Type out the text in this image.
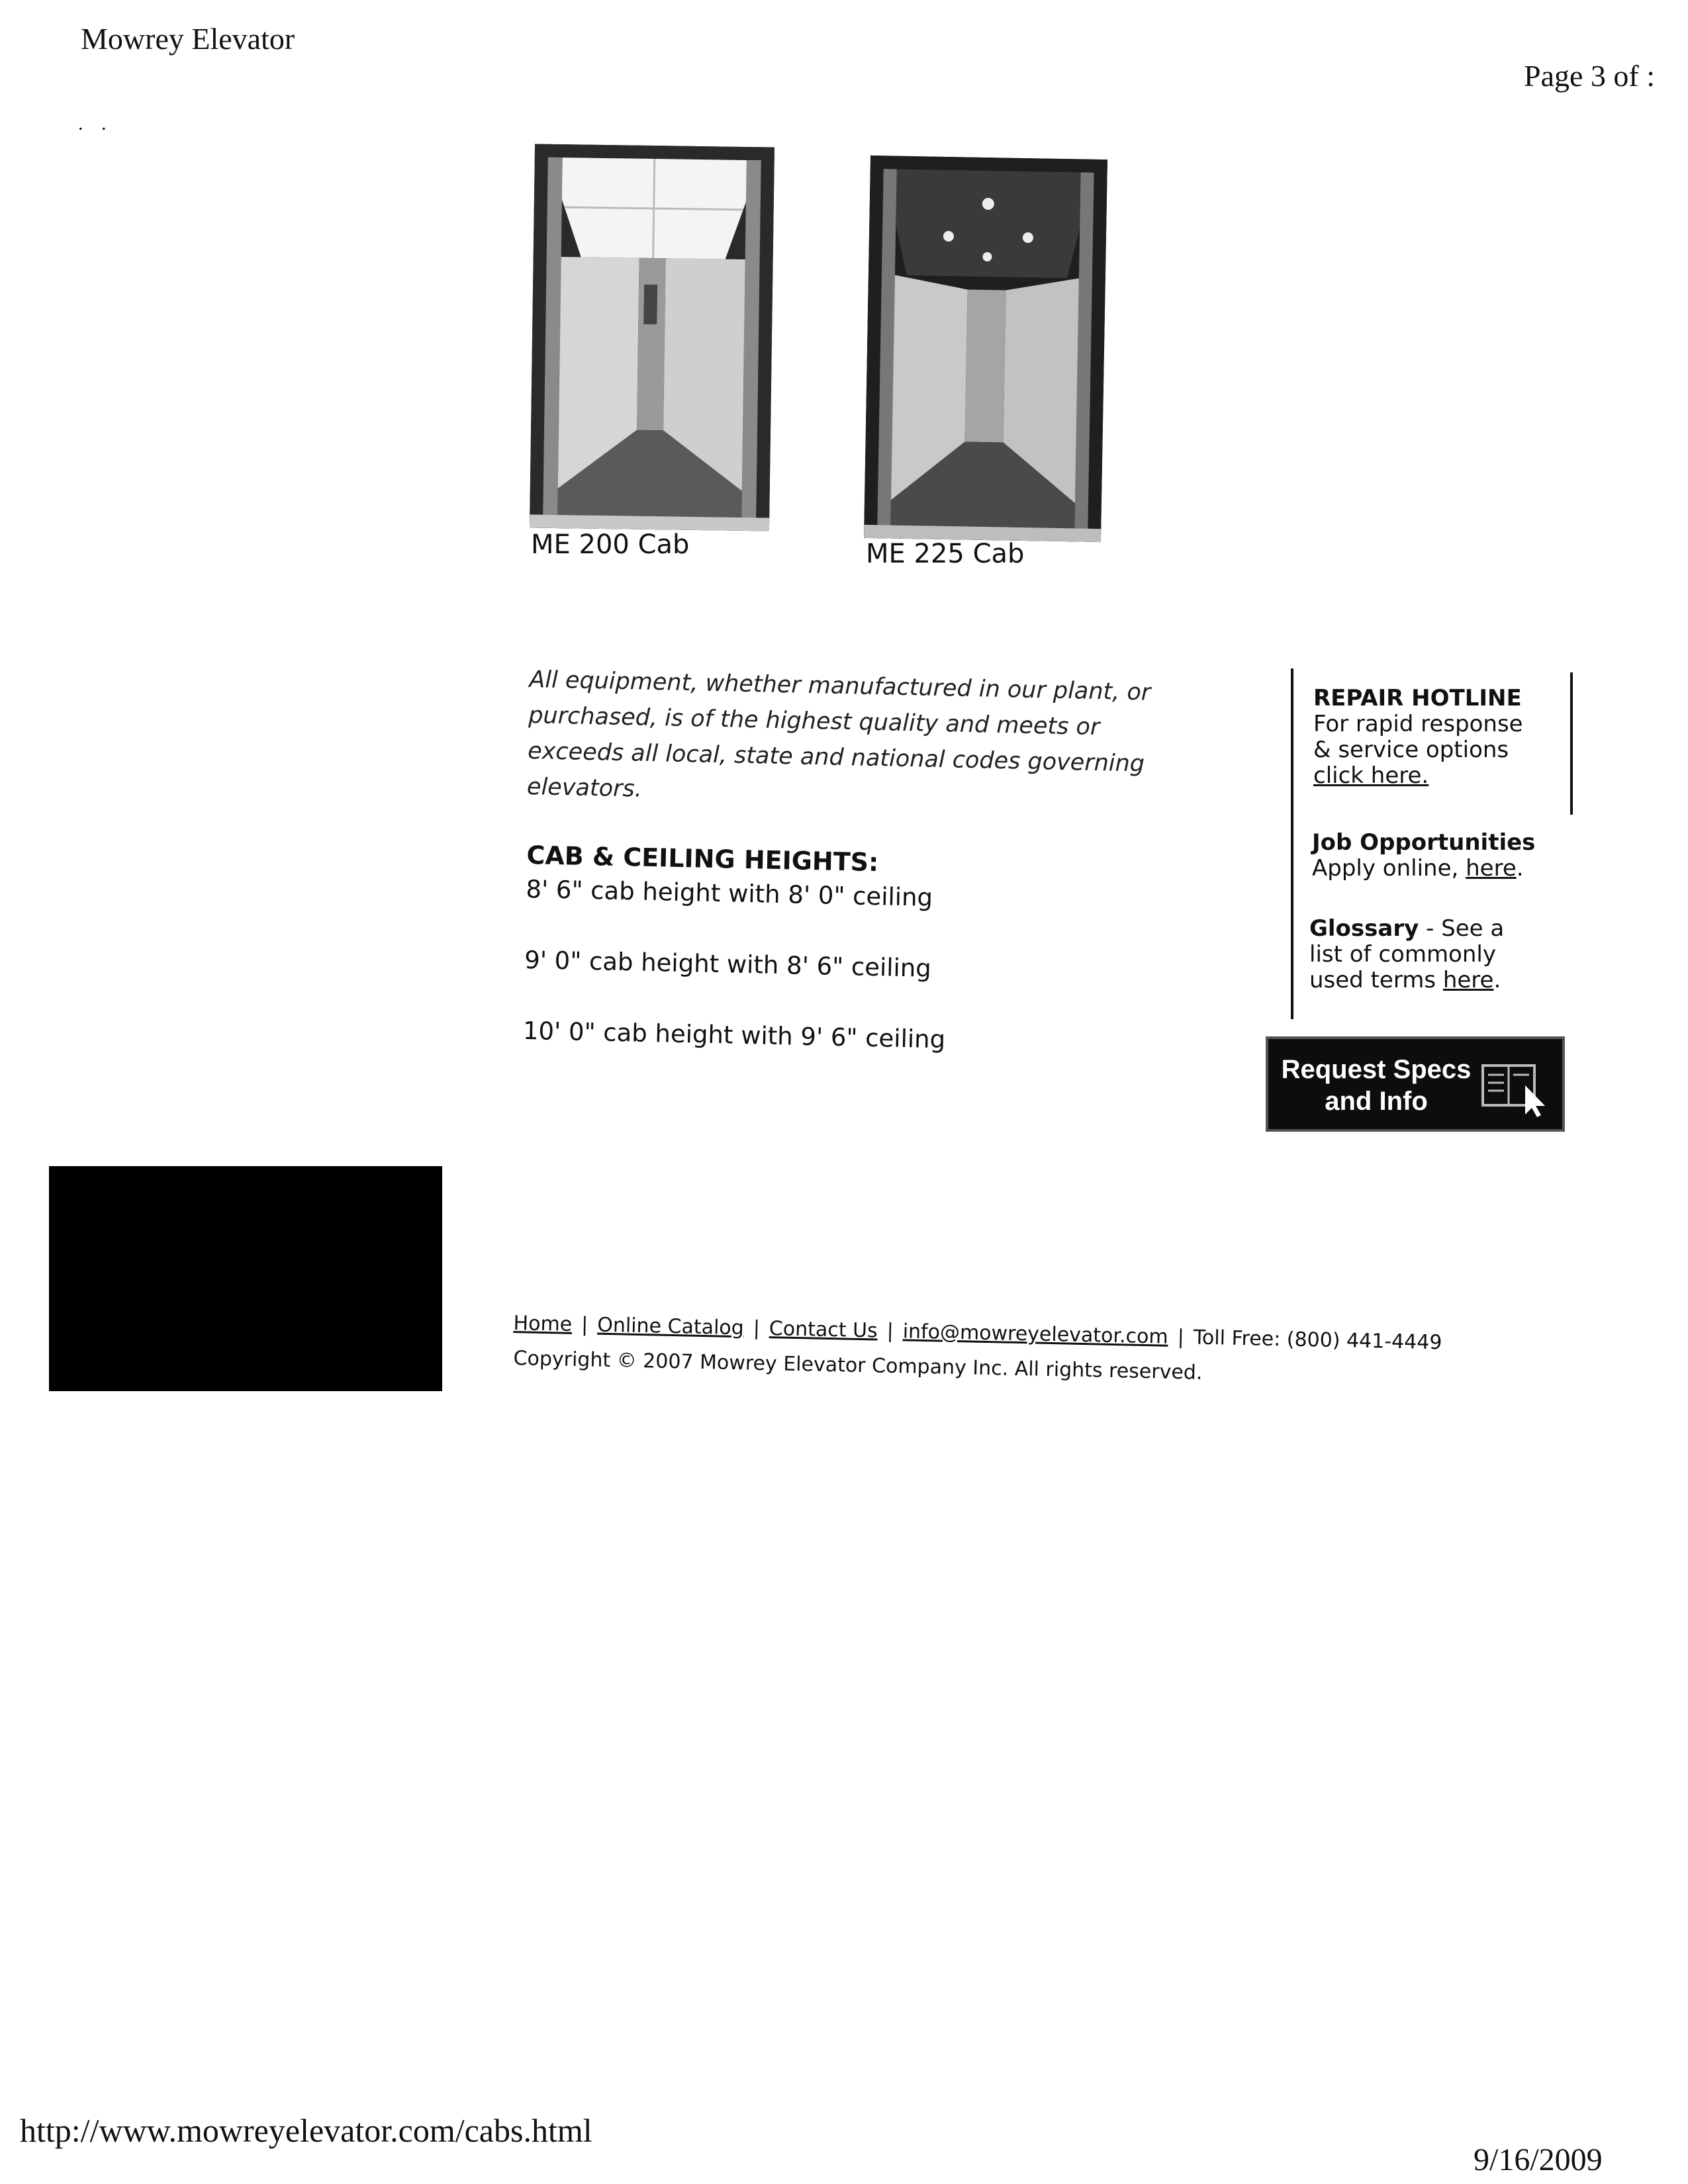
Mowrey Elevator
Page 3 of :
. .
ME 200 Cab	ME 225 Cab
All equipment, whether manufactured in our plant, or purchased, is of the highest quality and meets or exceeds all local, state and national codes governing elevators.
CAB & CEILING HEIGHTS:
8' 6" cab height with 8' 0" ceiling
9' 0" cab height with 8' 6" ceiling
10' 0" cab height with 9' 6" ceiling
REPAIR HOTLINE
For rapid response
& service options
click here.
Job Opportunities
Apply online, here.
Glossary - See a
list of commonly
used terms here.
Request Specs
and Info
Home | Online Catalog | Contact Us | info@mowreyelevator.com | Toll Free: (800) 441-4449
Copyright © 2007 Mowrey Elevator Company Inc. All rights reserved.
http://www.mowreyelevator.com/cabs.html
9/16/2009
